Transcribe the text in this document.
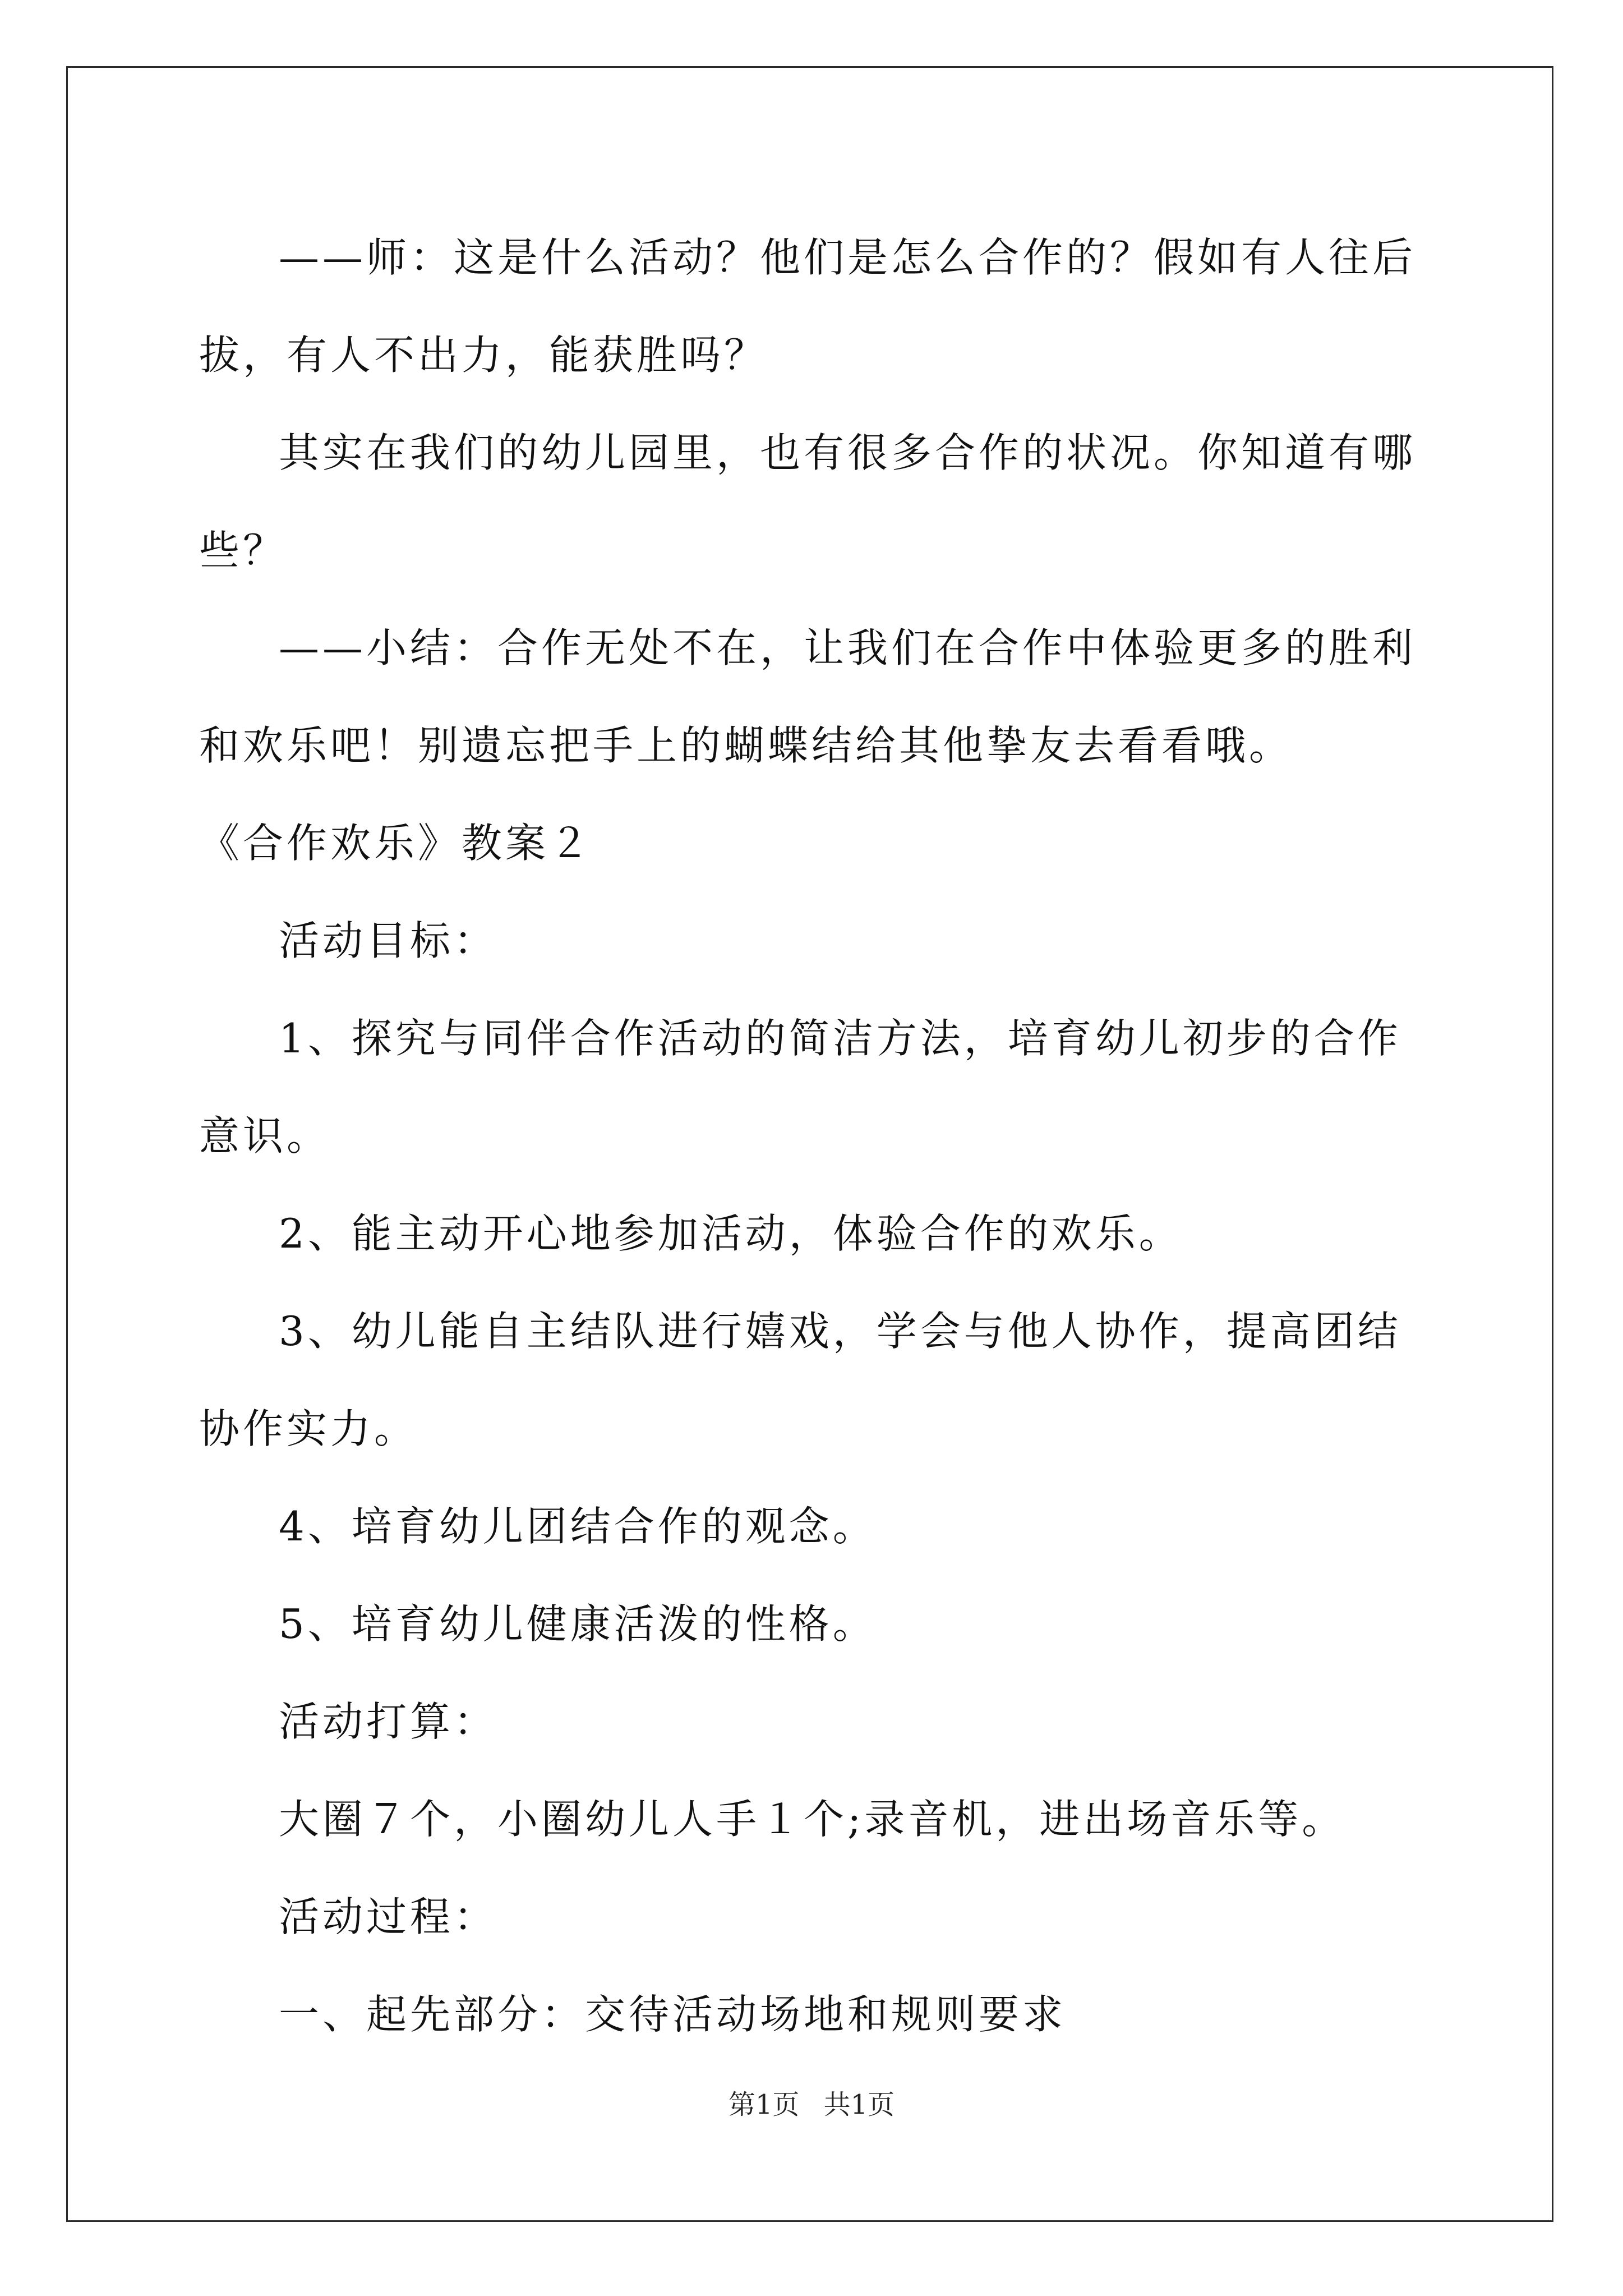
——师：这是什么活动？他们是怎么合作的？假如有人往后拔，有人不出力，能获胜吗？

其实在我们的幼儿园里，也有很多合作的状况。你知道有哪些？

——小结：合作无处不在，让我们在合作中体验更多的胜利和欢乐吧！别遗忘把手上的蝴蝶结给其他挚友去看看哦。

《合作欢乐》教案２

活动目标：

1、探究与同伴合作活动的简洁方法，培育幼儿初步的合作意识。

2、能主动开心地参加活动，体验合作的欢乐。

3、幼儿能自主结队进行嬉戏，学会与他人协作，提高团结协作实力。

4、培育幼儿团结合作的观念。

5、培育幼儿健康活泼的性格。

活动打算：

大圈７个，小圈幼儿人手１个;录音机，进出场音乐等。

活动过程：

一、起先部分：交待活动场地和规则要求

第1页 共1页
